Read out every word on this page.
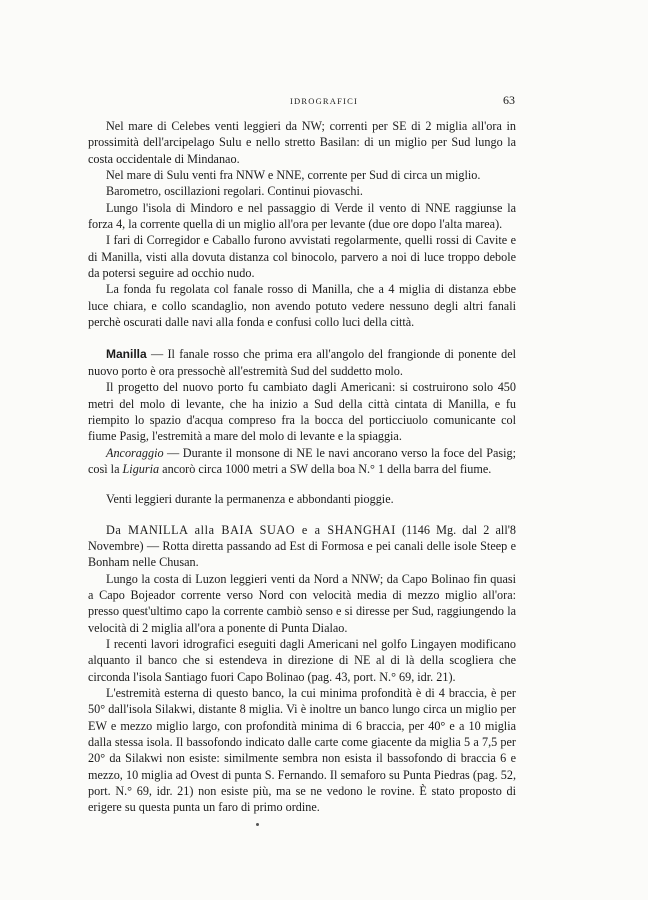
IDROGRAFICI	63

Nel mare di Celebes venti leggieri da NW; correnti per SE di 2 miglia all'ora in prossimità dell'arcipelago Sulu e nello stretto Basilan: di un miglio per Sud lungo la costa occidentale di Mindanao.

Nel mare di Sulu venti fra NNW e NNE, corrente per Sud di circa un miglio.

Barometro, oscillazioni regolari. Continui piovaschi.

Lungo l'isola di Mindoro e nel passaggio di Verde il vento di NNE raggiunse la forza 4, la corrente quella di un miglio all'ora per levante (due ore dopo l'alta marea).

I fari di Corregidor e Caballo furono avvistati regolarmente, quelli rossi di Cavite e di Manilla, visti alla dovuta distanza col binocolo, parvero a noi di luce troppo debole da potersi seguire ad occhio nudo.

La fonda fu regolata col fanale rosso di Manilla, che a 4 miglia di distanza ebbe luce chiara, e collo scandaglio, non avendo potuto vedere nessuno degli altri fanali perchè oscurati dalle navi alla fonda e confusi collo luci della città.

Manilla — Il fanale rosso che prima era all'angolo del frangionde di ponente del nuovo porto è ora pressochè all'estremità Sud del suddetto molo.

Il progetto del nuovo porto fu cambiato dagli Americani: si costruirono solo 450 metri del molo di levante, che ha inizio a Sud della città cintata di Manilla, e fu riempito lo spazio d'acqua compreso fra la bocca del porticciuolo comunicante col fiume Pasig, l'estremità a mare del molo di levante e la spiaggia.

Ancoraggio — Durante il monsone di NE le navi ancorano verso la foce del Pasig; così la Liguria ancorò circa 1000 metri a SW della boa N.° 1 della barra del fiume.

Venti leggieri durante la permanenza e abbondanti pioggie.

Da MANILLA alla BAIA SUAO e a SHANGHAI (1146 Mg. dal 2 all'8 Novembre) — Rotta diretta passando ad Est di Formosa e pei canali delle isole Steep e Bonham nelle Chusan.

Lungo la costa di Luzon leggieri venti da Nord a NNW; da Capo Bolinao fin quasi a Capo Bojeador corrente verso Nord con velocità media di mezzo miglio all'ora: presso quest'ultimo capo la corrente cambiò senso e si diresse per Sud, raggiungendo la velocità di 2 miglia all'ora a ponente di Punta Dialao.

I recenti lavori idrografici eseguiti dagli Americani nel golfo Lingayen modificano alquanto il banco che si estendeva in direzione di NE al di là della scogliera che circonda l'isola Santiago fuori Capo Bolinao (pag. 43, port. N.° 69, idr. 21).

L'estremità esterna di questo banco, la cui minima profondità è di 4 braccia, è per 50° dall'isola Silakwi, distante 8 miglia. Vi è inoltre un banco lungo circa un miglio per EW e mezzo miglio largo, con profondità minima di 6 braccia, per 40° e a 10 miglia dalla stessa isola. Il bassofondo indicato dalle carte come giacente da miglia 5 a 7,5 per 20° da Silakwi non esiste: similmente sembra non esista il bassofondo di braccia 6 e mezzo, 10 miglia ad Ovest di punta S. Fernando. Il semaforo su Punta Piedras (pag. 52, port. N.° 69, idr. 21) non esiste più, ma se ne vedono le rovine. È stato proposto di erigere su questa punta un faro di primo ordine.
